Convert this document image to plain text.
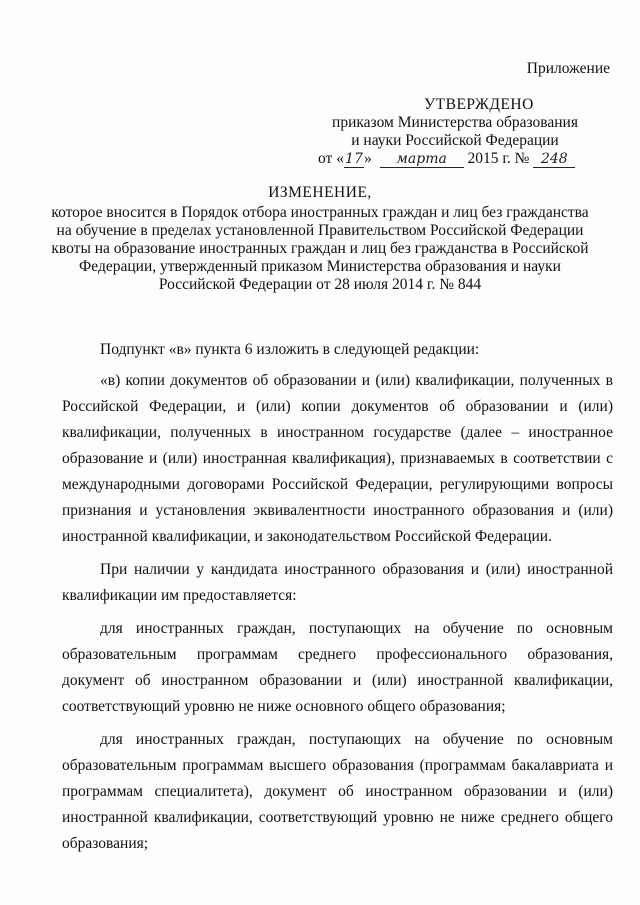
Приложение
УТВЕРЖДЕНО
приказом Министерства образования
и науки Российской Федерации
от «17» марта 2015 г. № 248
ИЗМЕНЕНИЕ,
которое вносится в Порядок отбора иностранных граждан и лиц без гражданства
на обучение в пределах установленной Правительством Российской Федерации
квоты на образование иностранных граждан и лиц без гражданства в Российской
Федерации, утвержденный приказом Министерства образования и науки
Российской Федерации от 28 июля 2014 г. № 844

Подпункт «в» пункта 6 изложить в следующей редакции:

«в) копии документов об образовании и (или) квалификации, полученных в Российской Федерации, и (или) копии документов об образовании и (или) квалификации, полученных в иностранном государстве (далее – иностранное образование и (или) иностранная квалификация), признаваемых в соответствии с международными договорами Российской Федерации, регулирующими вопросы признания и установления эквивалентности иностранного образования и (или) иностранной квалификации, и законодательством Российской Федерации.

При наличии у кандидата иностранного образования и (или) иностранной квалификации им предоставляется:

для иностранных граждан, поступающих на обучение по основным образовательным программам среднего профессионального образования, документ об иностранном образовании и (или) иностранной квалификации, соответствующий уровню не ниже основного общего образования;

для иностранных граждан, поступающих на обучение по основным образовательным программам высшего образования (программам бакалавриата и программам специалитета), документ об иностранном образовании и (или) иностранной квалификации, соответствующий уровню не ниже среднего общего образования;
